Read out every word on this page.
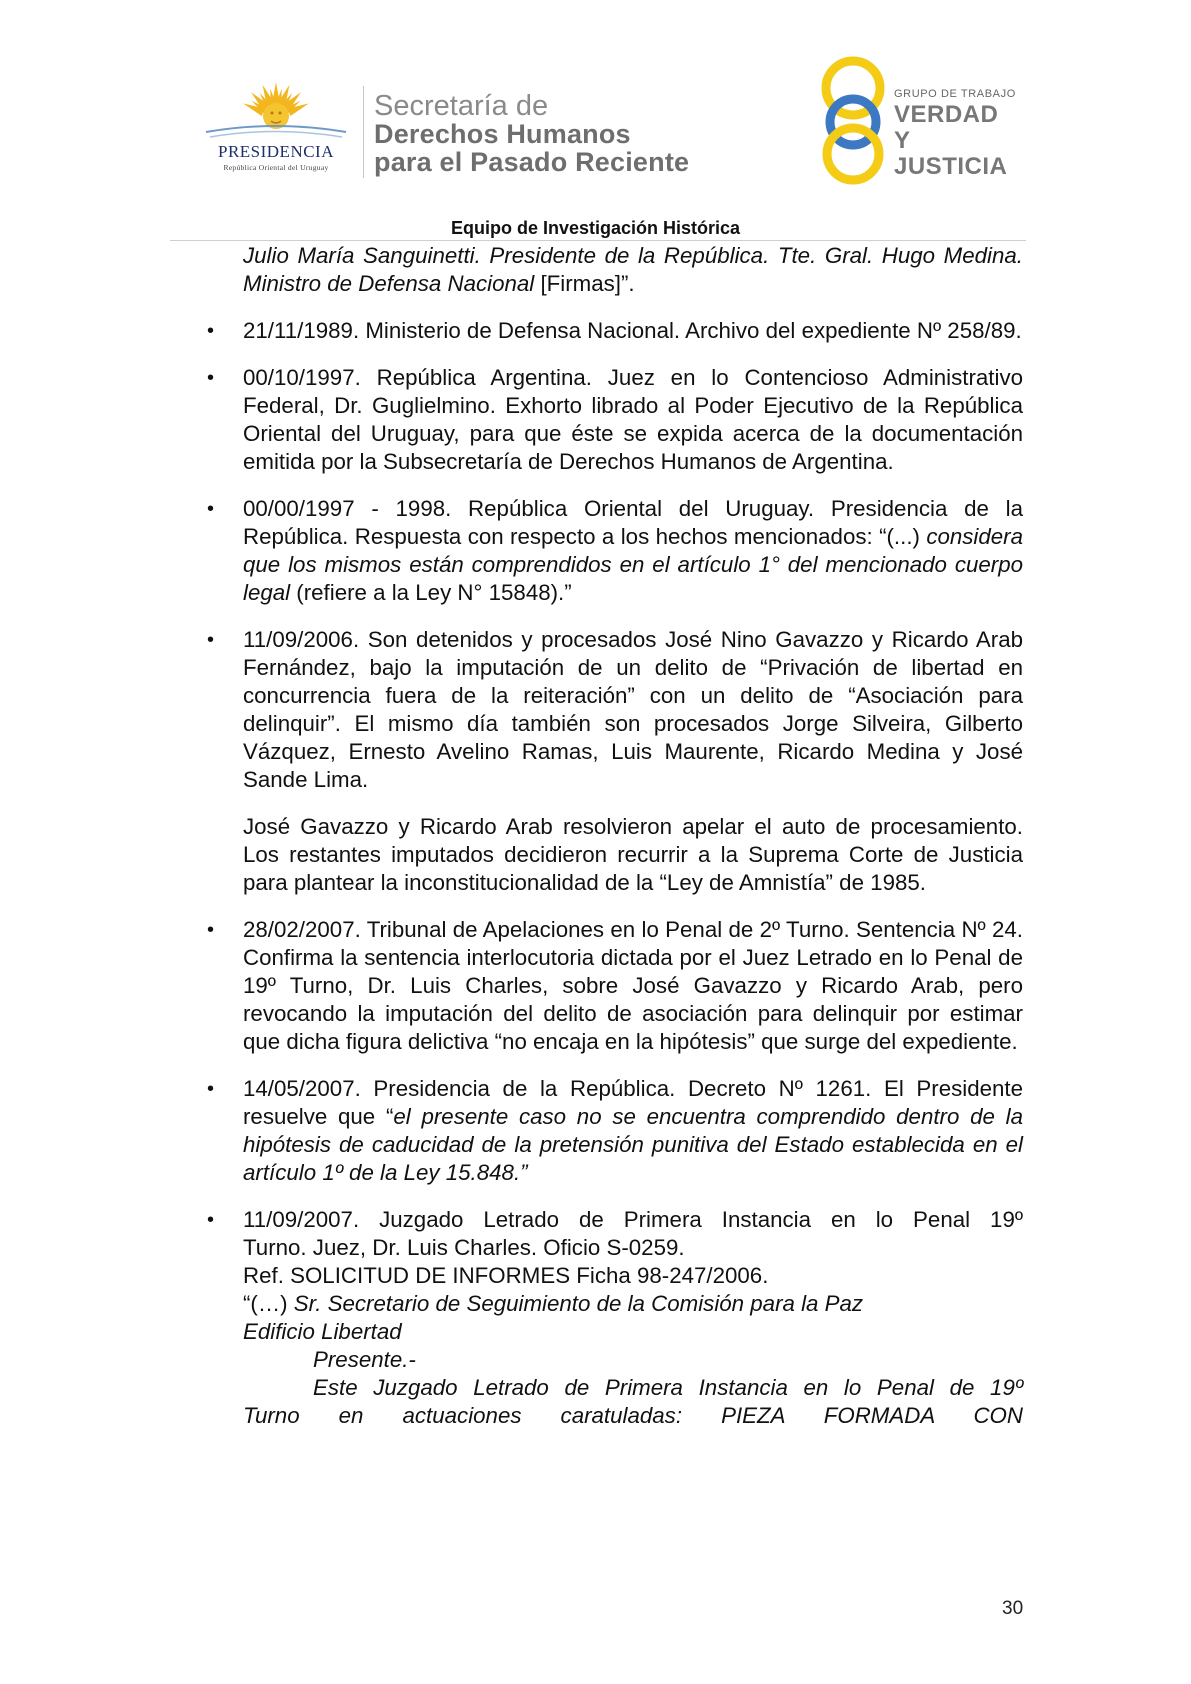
PRESIDENCIA
República Oriental del Uruguay
Secretaría de
Derechos Humanos
para el Pasado Reciente
GRUPO DE TRABAJO
VERDAD Y
JUSTICIA
Equipo de Investigación Histórica

Julio María Sanguinetti. Presidente de la República. Tte. Gral. Hugo Medina. Ministro de Defensa Nacional [Firmas]”.

• 21/11/1989. Ministerio de Defensa Nacional. Archivo del expediente Nº 258/89.

• 00/10/1997. República Argentina. Juez en lo Contencioso Administrativo Federal, Dr. Guglielmino. Exhorto librado al Poder Ejecutivo de la República Oriental del Uruguay, para que éste se expida acerca de la documentación emitida por la Subsecretaría de Derechos Humanos de Argentina.

• 00/00/1997 - 1998. República Oriental del Uruguay. Presidencia de la República. Respuesta con respecto a los hechos mencionados: “(...) considera que los mismos están comprendidos en el artículo 1° del mencionado cuerpo legal (refiere a la Ley N° 15848).”

• 11/09/2006. Son detenidos y procesados José Nino Gavazzo y Ricardo Arab Fernández, bajo la imputación de un delito de “Privación de libertad en concurrencia fuera de la reiteración” con un delito de “Asociación para delinquir”. El mismo día también son procesados Jorge Silveira, Gilberto Vázquez, Ernesto Avelino Ramas, Luis Maurente, Ricardo Medina y José Sande Lima.

José Gavazzo y Ricardo Arab resolvieron apelar el auto de procesamiento. Los restantes imputados decidieron recurrir a la Suprema Corte de Justicia para plantear la inconstitucionalidad de la “Ley de Amnistía” de 1985.

• 28/02/2007. Tribunal de Apelaciones en lo Penal de 2º Turno. Sentencia Nº 24. Confirma la sentencia interlocutoria dictada por el Juez Letrado en lo Penal de 19º Turno, Dr. Luis Charles, sobre José Gavazzo y Ricardo Arab, pero revocando la imputación del delito de asociación para delinquir por estimar que dicha figura delictiva “no encaja en la hipótesis” que surge del expediente.

• 14/05/2007. Presidencia de la República. Decreto Nº 1261. El Presidente resuelve que “el presente caso no se encuentra comprendido dentro de la hipótesis de caducidad de la pretensión punitiva del Estado establecida en el artículo 1º de la Ley 15.848.”

• 11/09/2007. Juzgado Letrado de Primera Instancia en lo Penal 19º
Turno. Juez, Dr. Luis Charles. Oficio S-0259.
Ref. SOLICITUD DE INFORMES Ficha 98-247/2006.
“(…) Sr. Secretario de Seguimiento de la Comisión para la Paz
Edificio Libertad
Presente.-
Este Juzgado Letrado de Primera Instancia en lo Penal de 19º
Turno en actuaciones caratuladas: PIEZA FORMADA CON
30
